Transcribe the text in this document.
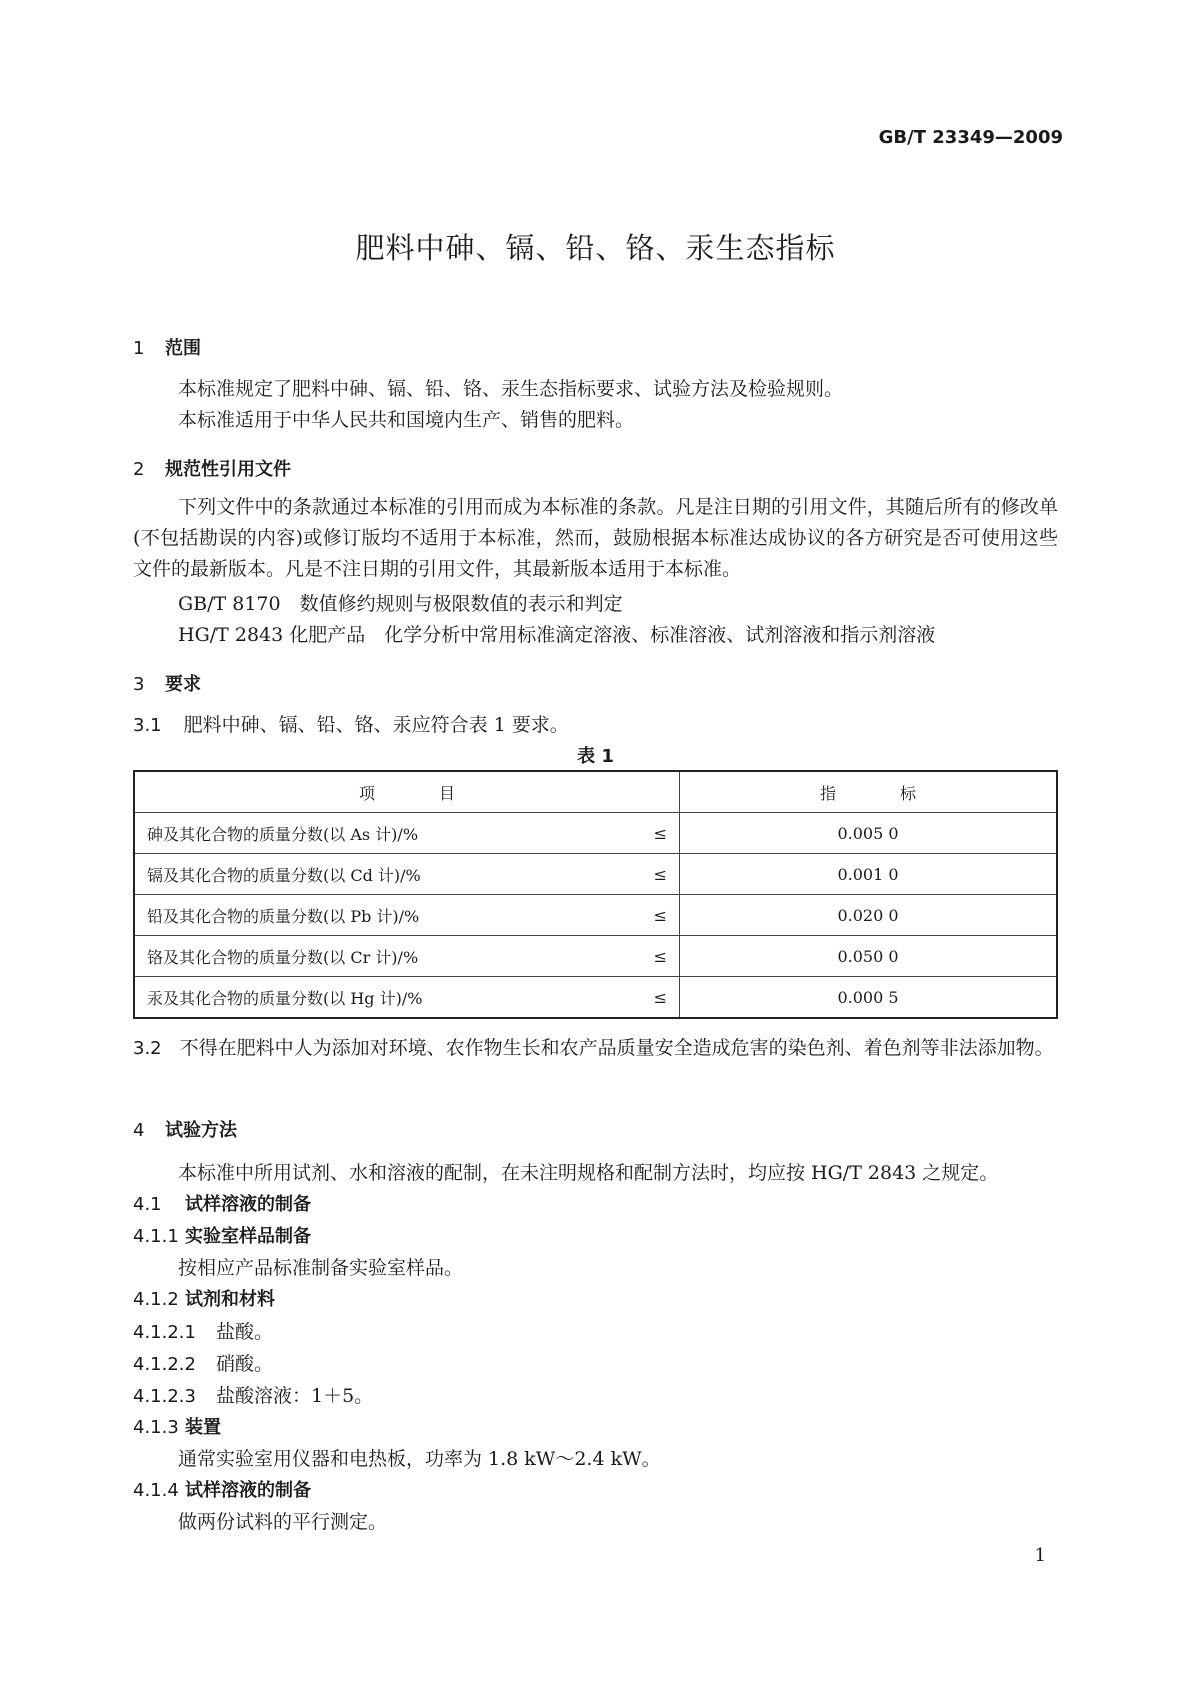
GB/T 23349—2009
肥料中砷、镉、铅、铬、汞生态指标
1 范围
本标准规定了肥料中砷、镉、铅、铬、汞生态指标要求、试验方法及检验规则。
本标准适用于中华人民共和国境内生产、销售的肥料。
2 规范性引用文件
下列文件中的条款通过本标准的引用而成为本标准的条款。凡是注日期的引用文件，其随后所有的修改单(不包括勘误的内容)或修订版均不适用于本标准，然而，鼓励根据本标准达成协议的各方研究是否可使用这些文件的最新版本。凡是不注日期的引用文件，其最新版本适用于本标准。
GB/T 8170　数值修约规则与极限数值的表示和判定
HG/T 2843 化肥产品　化学分析中常用标准滴定溶液、标准溶液、试剂溶液和指示剂溶液
3 要求
3.1 肥料中砷、镉、铅、铬、汞应符合表 1 要求。
表 1
项　　　　目	指　　　　标

砷及其化合物的质量分数(以 As 计)/% ≤	0.005 0

镉及其化合物的质量分数(以 Cd 计)/% ≤	0.001 0

铅及其化合物的质量分数(以 Pb 计)/% ≤	0.020 0

铬及其化合物的质量分数(以 Cr 计)/% ≤	0.050 0

汞及其化合物的质量分数(以 Hg 计)/% ≤	0.000 5
3.2 不得在肥料中人为添加对环境、农作物生长和农产品质量安全造成危害的染色剂、着色剂等非法添加物。
4 试验方法
本标准中所用试剂、水和溶液的配制，在未注明规格和配制方法时，均应按 HG/T 2843 之规定。
4.1 试样溶液的制备
4.1.1 实验室样品制备
按相应产品标准制备实验室样品。
4.1.2 试剂和材料
4.1.2.1 盐酸。
4.1.2.2 硝酸。
4.1.2.3 盐酸溶液：1＋5。
4.1.3 装置
通常实验室用仪器和电热板，功率为 1.8 kW～2.4 kW。
4.1.4 试样溶液的制备
做两份试料的平行测定。
1
